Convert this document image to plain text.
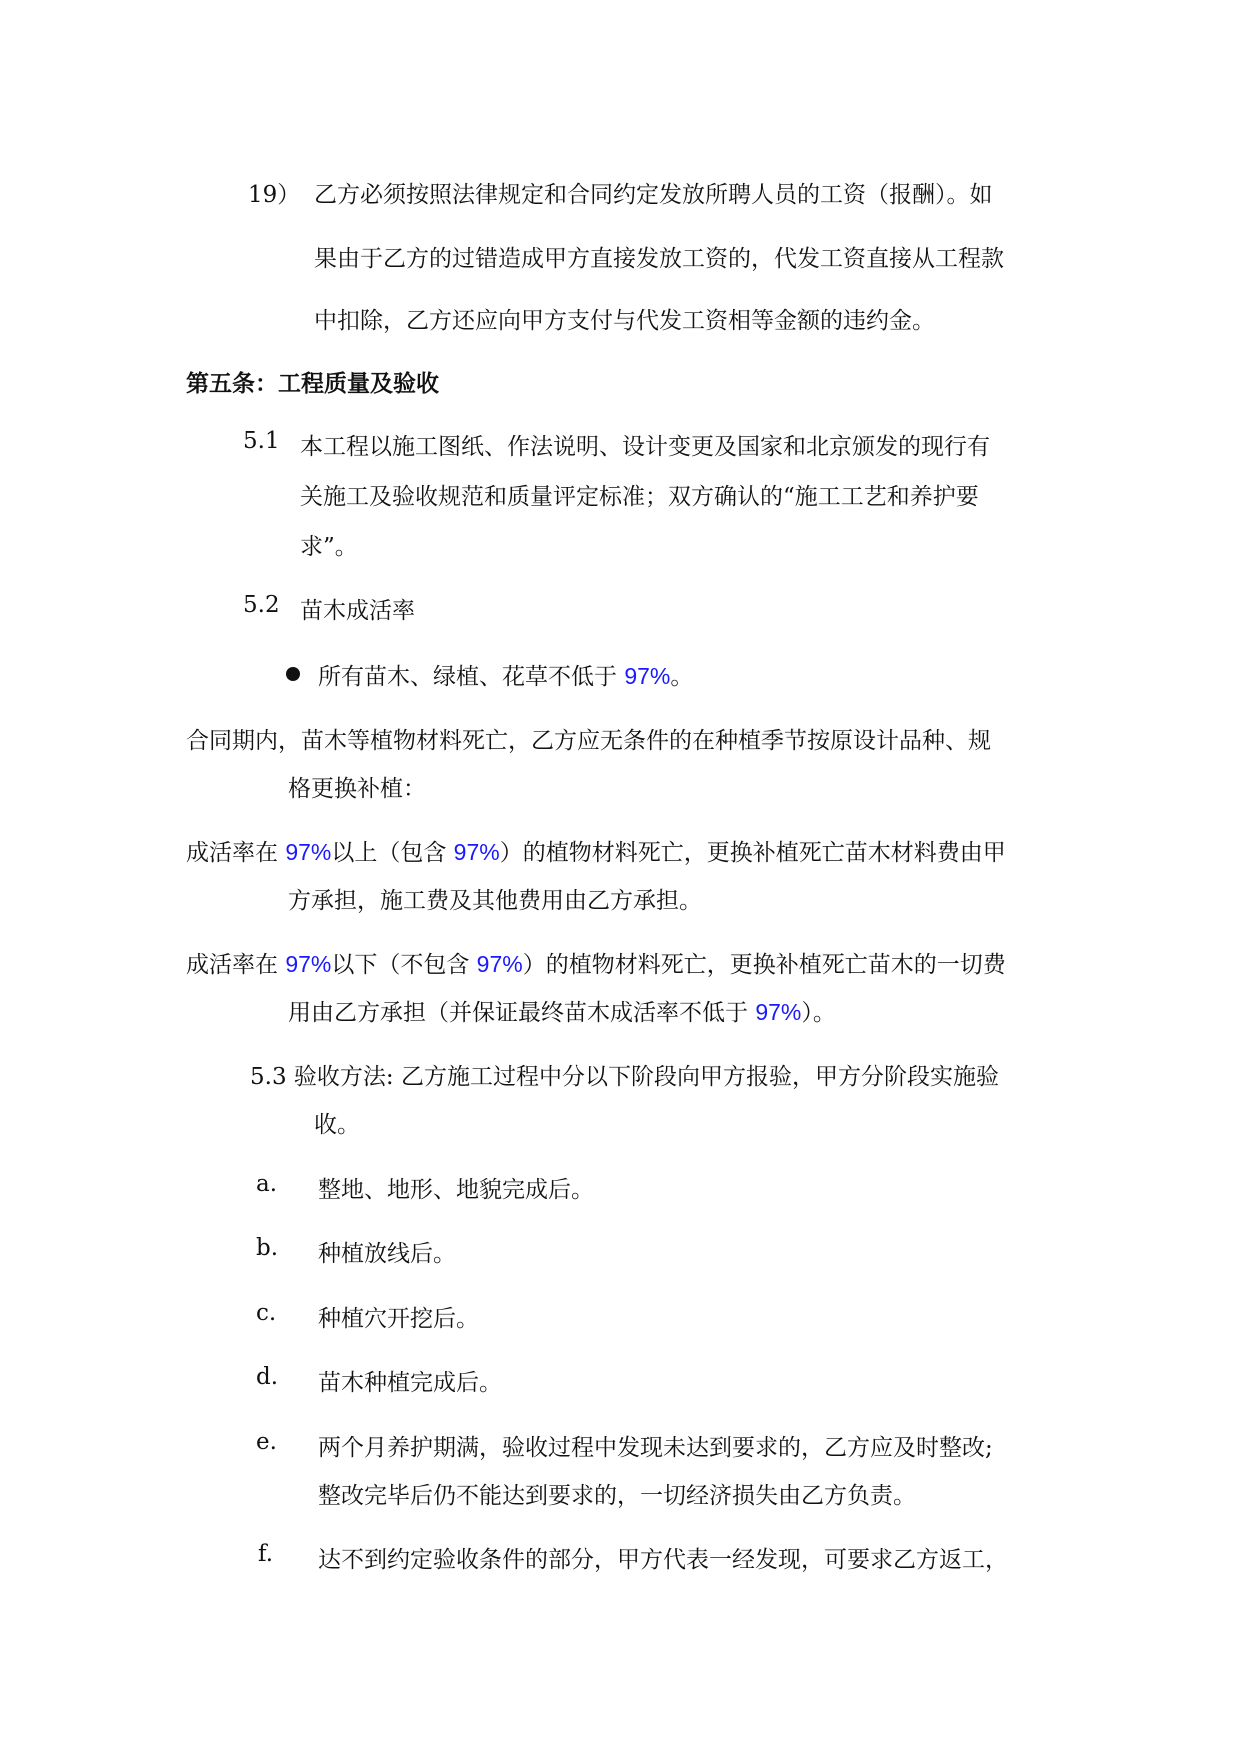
19） 乙方必须按照法律规定和合同约定发放所聘人员的工资（报酬）。如
果由于乙方的过错造成甲方直接发放工资的，代发工资直接从工程款
中扣除，乙方还应向甲方支付与代发工资相等金额的违约金。
第五条：工程质量及验收
5.1 本工程以施工图纸、作法说明、设计变更及国家和北京颁发的现行有
关施工及验收规范和质量评定标准；双方确认的“施工工艺和养护要
求”。
5.2 苗木成活率
所有苗木、绿植、花草不低于 97%。
合同期内，苗木等植物材料死亡，乙方应无条件的在种植季节按原设计品种、规
格更换补植：
成活率在 97%以上（包含 97%）的植物材料死亡，更换补植死亡苗木材料费由甲
方承担，施工费及其他费用由乙方承担。
成活率在 97%以下（不包含 97%）的植物材料死亡，更换补植死亡苗木的一切费
用由乙方承担（并保证最终苗木成活率不低于 97%）。
5.3 验收方法: 乙方施工过程中分以下阶段向甲方报验，甲方分阶段实施验
收。
a. 整地、地形、地貌完成后。
b. 种植放线后。
c. 种植穴开挖后。
d. 苗木种植完成后。
e. 两个月养护期满，验收过程中发现未达到要求的，乙方应及时整改;
整改完毕后仍不能达到要求的，一切经济损失由乙方负责。
f. 达不到约定验收条件的部分，甲方代表一经发现，可要求乙方返工，
